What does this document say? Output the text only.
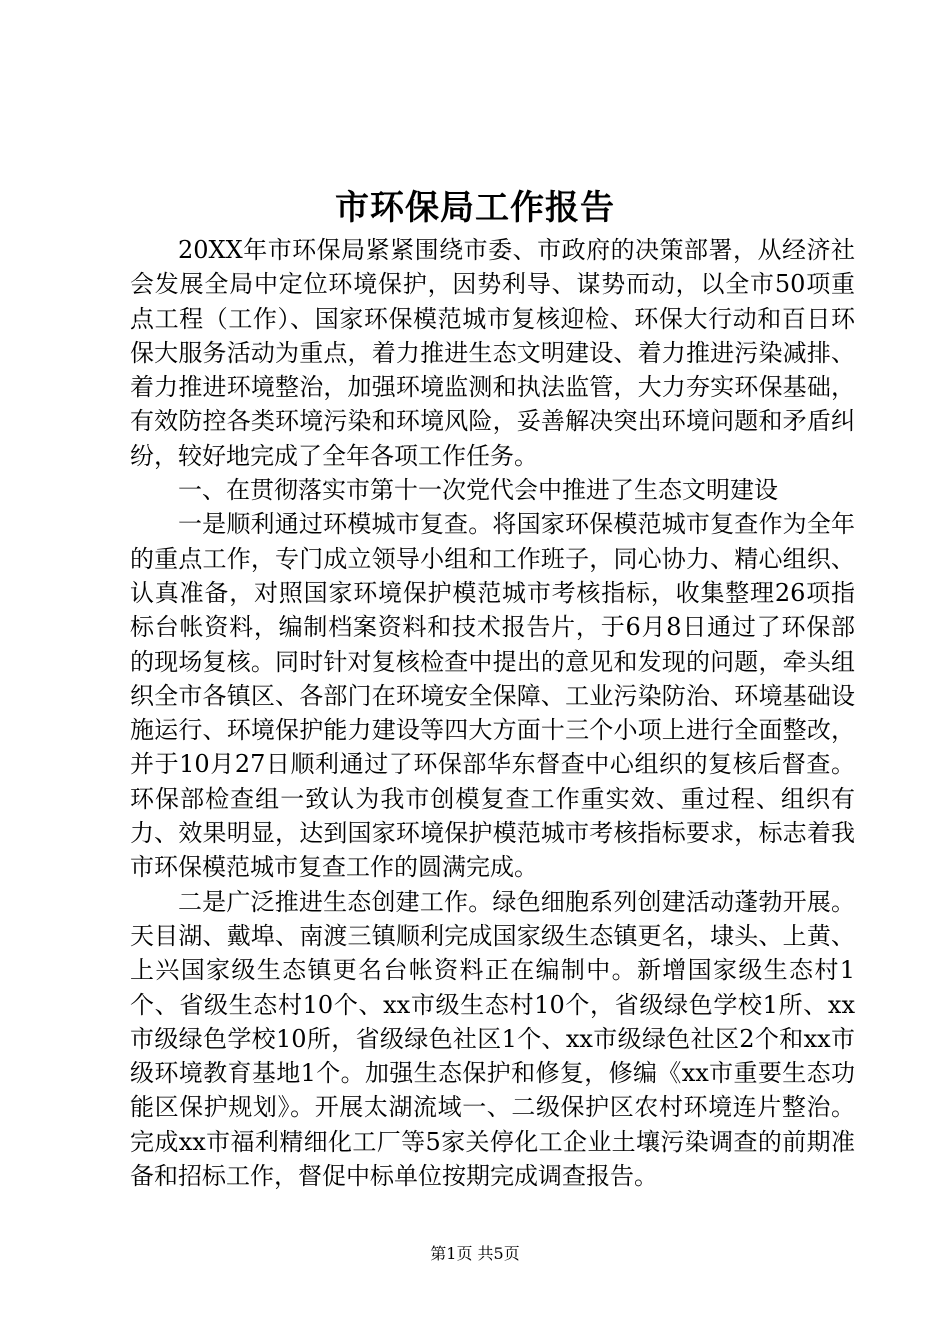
市环保局工作报告

20XX年市环保局紧紧围绕市委、市政府的决策部署，从经济社会发展全局中定位环境保护，因势利导、谋势而动，以全市50项重点工程（工作）、国家环保模范城市复核迎检、环保大行动和百日环保大服务活动为重点，着力推进生态文明建设、着力推进污染减排、着力推进环境整治，加强环境监测和执法监管，大力夯实环保基础，有效防控各类环境污染和环境风险，妥善解决突出环境问题和矛盾纠纷，较好地完成了全年各项工作任务。

一、在贯彻落实市第十一次党代会中推进了生态文明建设

一是顺利通过环模城市复查。将国家环保模范城市复查作为全年的重点工作，专门成立领导小组和工作班子，同心协力、精心组织、认真准备，对照国家环境保护模范城市考核指标，收集整理26项指标台帐资料，编制档案资料和技术报告片，于6月8日通过了环保部的现场复核。同时针对复核检查中提出的意见和发现的问题，牵头组织全市各镇区、各部门在环境安全保障、工业污染防治、环境基础设施运行、环境保护能力建设等四大方面十三个小项上进行全面整改，并于10月27日顺利通过了环保部华东督查中心组织的复核后督查。环保部检查组一致认为我市创模复查工作重实效、重过程、组织有力、效果明显，达到国家环境保护模范城市考核指标要求，标志着我市环保模范城市复查工作的圆满完成。

二是广泛推进生态创建工作。绿色细胞系列创建活动蓬勃开展。天目湖、戴埠、南渡三镇顺利完成国家级生态镇更名，埭头、上黄、上兴国家级生态镇更名台帐资料正在编制中。新增国家级生态村1个、省级生态村10个、xx市级生态村10个，省级绿色学校1所、xx市级绿色学校10所，省级绿色社区1个、xx市级绿色社区2个和xx市级环境教育基地1个。加强生态保护和修复，修编《xx市重要生态功能区保护规划》。开展太湖流域一、二级保护区农村环境连片整治。完成xx市福利精细化工厂等5家关停化工企业土壤污染调查的前期准备和招标工作，督促中标单位按期完成调查报告。

第1页 共5页
